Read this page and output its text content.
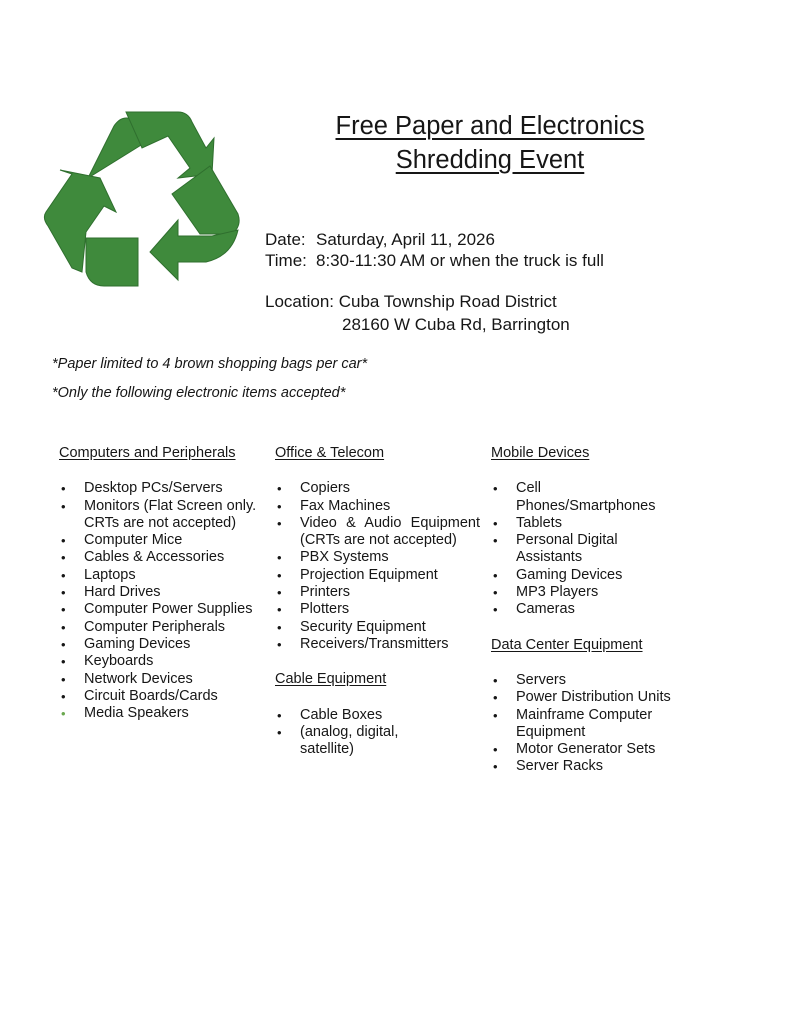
Free Paper and Electronics
Shredding Event
Date: Saturday, April 11, 2026
Time: 8:30-11:30 AM or when the truck is full
Location: Cuba Township Road District
28160 W Cuba Rd, Barrington
*Paper limited to 4 brown shopping bags per car*
*Only the following electronic items accepted*
Computers and Peripherals
• Desktop PCs/Servers
• Monitors (Flat Screen only. CRTs are not accepted)
• Computer Mice
• Cables & Accessories
• Laptops
• Hard Drives
• Computer Power Supplies
• Computer Peripherals
• Gaming Devices
• Keyboards
• Network Devices
• Circuit Boards/Cards
• Media Speakers
Office & Telecom
• Copiers
• Fax Machines
• Video & Audio Equipment (CRTs are not accepted)
• PBX Systems
• Projection Equipment
• Printers
• Plotters
• Security Equipment
• Receivers/Transmitters
Cable Equipment
• Cable Boxes
• (analog, digital, satellite)
Mobile Devices
• Cell Phones/Smartphones
• Tablets
• Personal Digital Assistants
• Gaming Devices
• MP3 Players
• Cameras
Data Center Equipment
• Servers
• Power Distribution Units
• Mainframe Computer Equipment
• Motor Generator Sets
• Server Racks
